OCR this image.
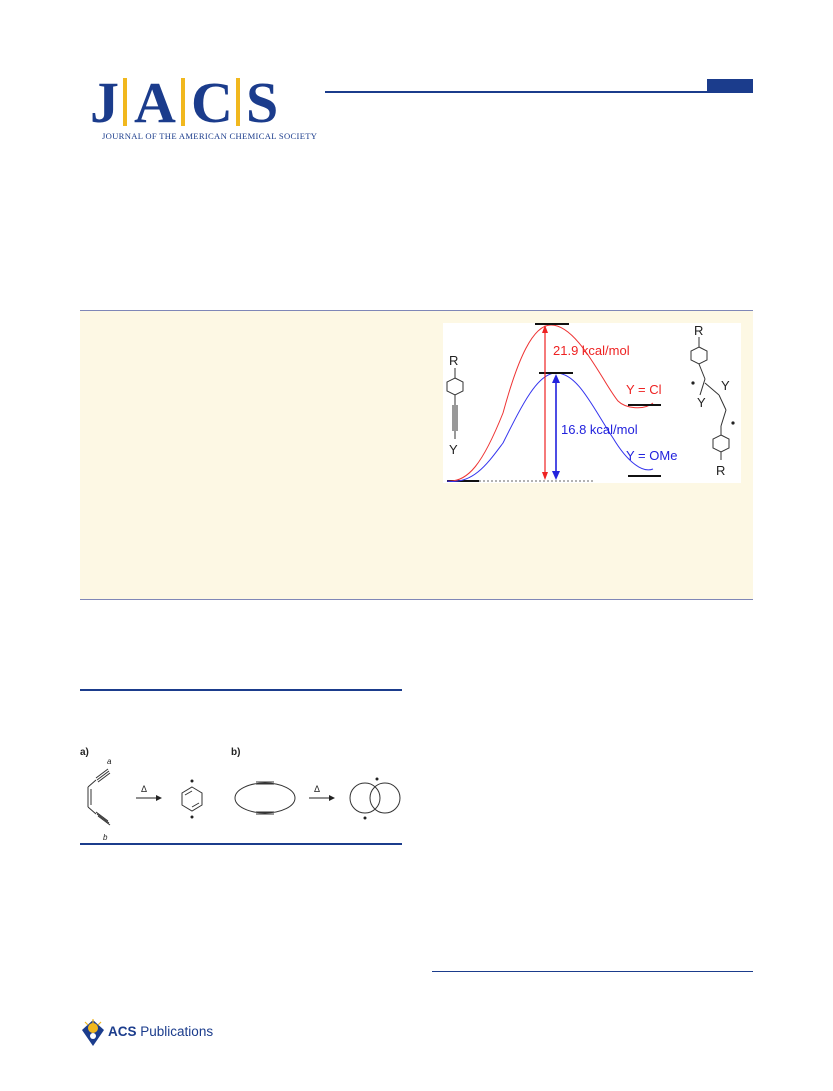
J A C S
JOURNAL OF THE AMERICAN CHEMICAL SOCIETY
R
Y
21.9 kcal/mol
16.8 kcal/mol
Y = Cl
Y = OMe
R
Y
Y
R
a)	b)
a
b
Δ	Δ
ACS Publications
